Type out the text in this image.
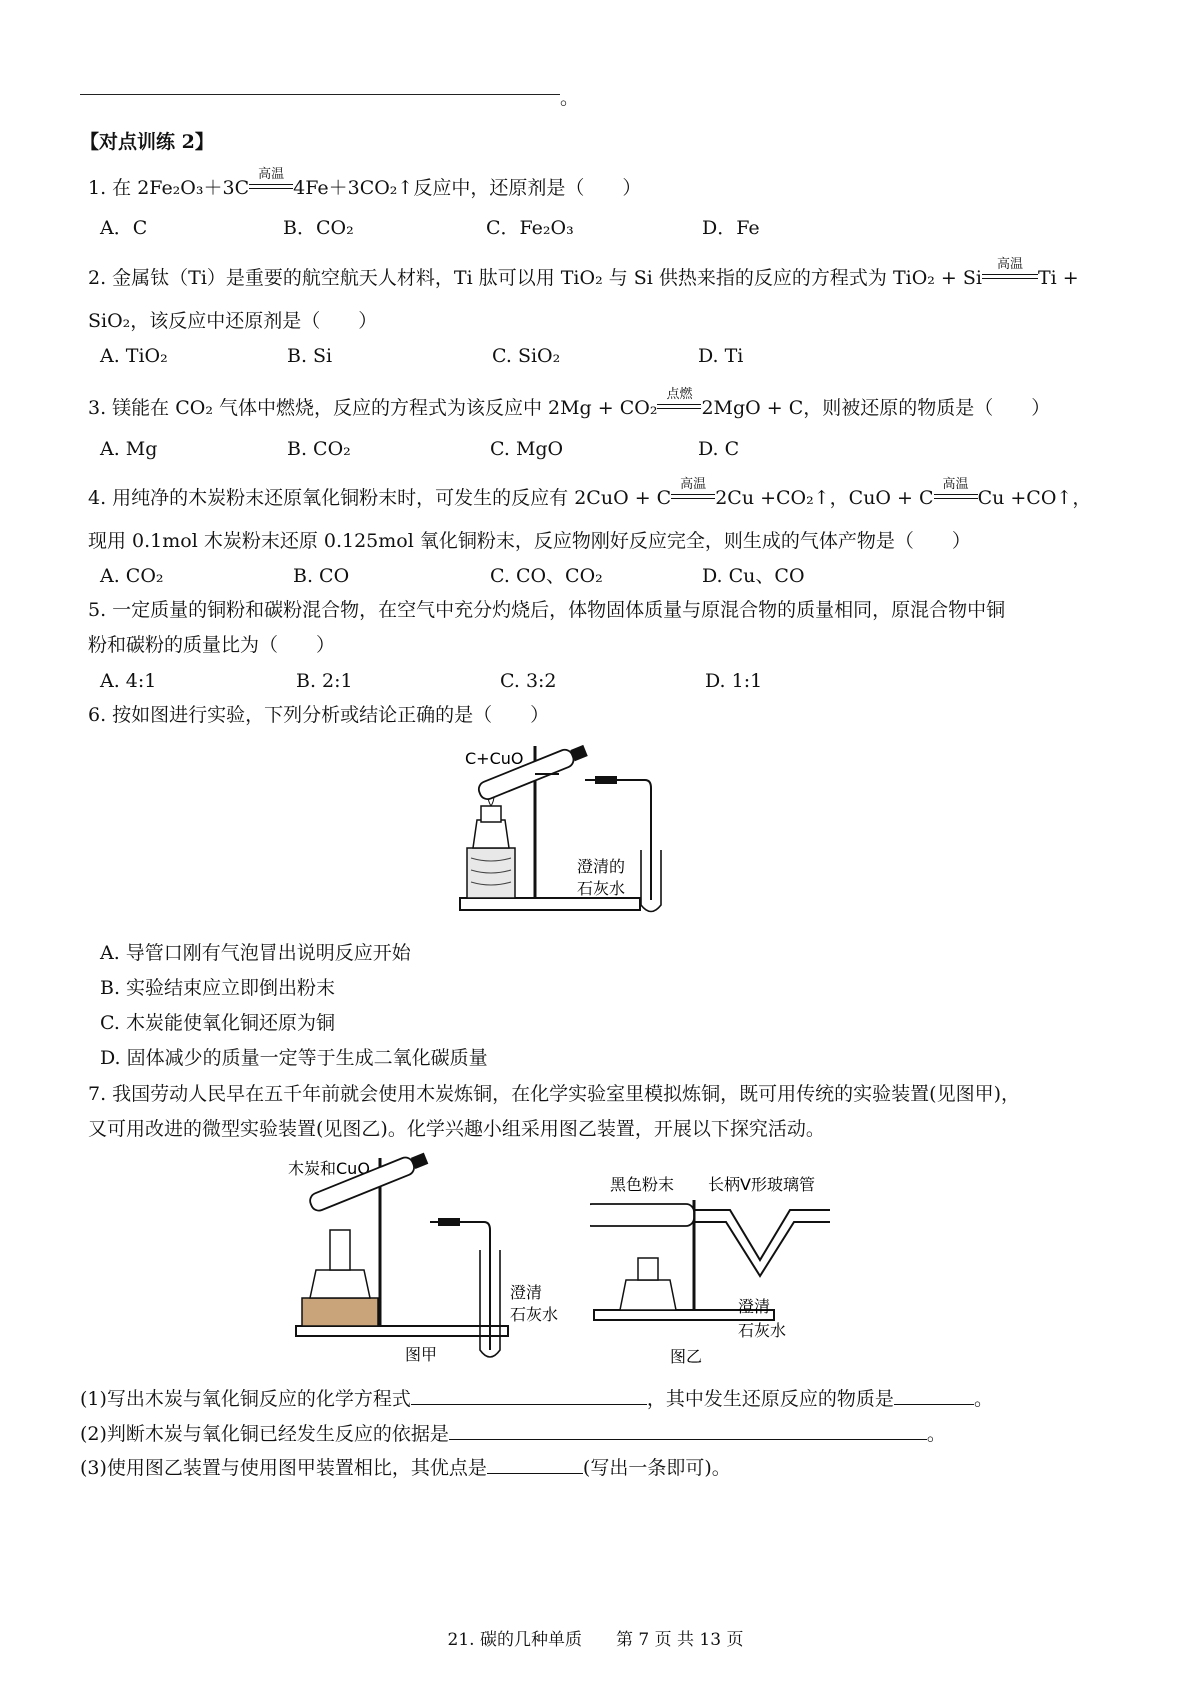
。
【对点训练 2】
1. 在 2Fe₂O₃＋3C
高温
4Fe＋3CO₂↑反应中，还原剂是（　　）
A．C	B．CO₂	C．Fe₂O₃	D．Fe
2. 金属钛（Ti）是重要的航空航天人材料，Ti 肽可以用 TiO₂ 与 Si 供热来指的反应的方程式为 TiO₂ + Si
高温
Ti +
SiO₂，该反应中还原剂是（　　）
A. TiO₂	B. Si	C. SiO₂	D. Ti
3. 镁能在 CO₂ 气体中燃烧，反应的方程式为该反应中 2Mg + CO₂
点燃
2MgO + C，则被还原的物质是（　　）
A. Mg	B. CO₂	C. MgO	D. C
4. 用纯净的木炭粉末还原氧化铜粉末时，可发生的反应有 2CuO + C
高温
2Cu +CO₂↑，CuO + C
高温
Cu +CO↑，
现用 0.1mol 木炭粉末还原 0.125mol 氧化铜粉末，反应物刚好反应完全，则生成的气体产物是（　　）
A. CO₂	B. CO	C. CO、CO₂	D. Cu、CO
5. 一定质量的铜粉和碳粉混合物，在空气中充分灼烧后，体物固体质量与原混合物的质量相同，原混合物中铜
粉和碳粉的质量比为（　　）
A. 4:1	B. 2:1	C. 3:2	D. 1:1
6. 按如图进行实验，下列分析或结论正确的是（　　）
C+CuO
澄清的
石灰水
A. 导管口刚有气泡冒出说明反应开始
B. 实验结束应立即倒出粉末
C. 木炭能使氧化铜还原为铜
D. 固体减少的质量一定等于生成二氧化碳质量
7. 我国劳动人民早在五千年前就会使用木炭炼铜，在化学实验室里模拟炼铜，既可用传统的实验装置(见图甲)，
又可用改进的微型实验装置(见图乙)。化学兴趣小组采用图乙装置，开展以下探究活动。
木炭和CuO
澄清
石灰水
图甲
黑色粉末 长柄V形玻璃管
澄清
石灰水
图乙
(1)写出木炭与氧化铜反应的化学方程式	，其中发生还原反应的物质是	。
(2)判断木炭与氧化铜已经发生反应的依据是	。
(3)使用图乙装置与使用图甲装置相比，其优点是	(写出一条即可)。
21. 碳的几种单质　　第 7 页 共 13 页
